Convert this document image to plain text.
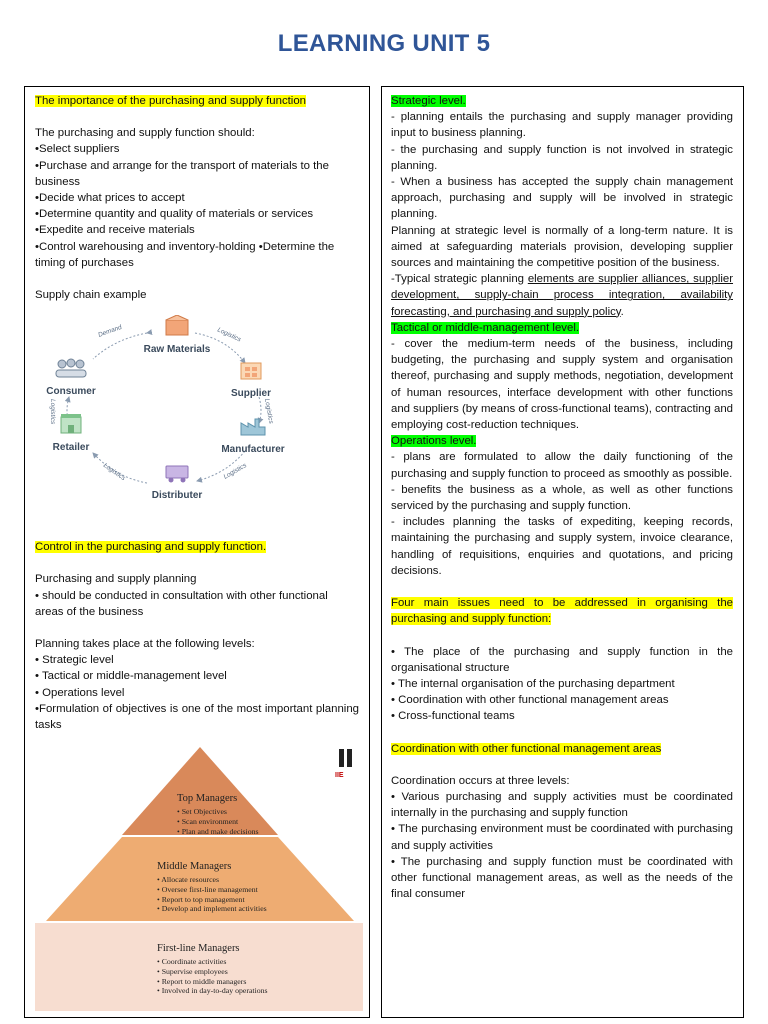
LEARNING UNIT 5

The importance of the purchasing and supply function

The purchasing and supply function should:

•Select suppliers

•Purchase and arrange for the transport of materials to the business

•Decide what prices to accept

•Determine quantity and quality of materials or services

•Expedite and receive materials

•Control warehousing and inventory-holding •Determine the timing of purchases

Supply chain example

Demand	Logistics
Logistics
Logistics
Logistics
Logistics
Raw Materials
Supplier
Manufacturer
Distributer
Retailer
Consumer

Control in the purchasing and supply function.

Purchasing and supply planning

• should be conducted in consultation with other functional areas of the business

Planning takes place at the following levels:

• Strategic level

• Tactical or middle-management level

• Operations level

•Formulation of objectives is one of the most important planning tasks

IIE
Top Managers
• Set Objectives
• Scan environment
• Plan and make decisions
Middle Managers
• Allocate resources
• Oversee first-line management
• Report to top management
• Develop and implement activities
First-line Managers
• Coordinate activities
• Supervise employees
• Report to middle managers
• Involved in day-to-day operations

Strategic level.

- planning entails the purchasing and supply manager providing input to business planning.

- the purchasing and supply function is not involved in strategic planning.

- When a business has accepted the supply chain management approach, purchasing and supply will be involved in strategic planning.

Planning at strategic level is normally of a long-term nature. It is aimed at safeguarding materials provision, developing supplier sources and maintaining the competitive position of the business.

-Typical strategic planning elements are supplier alliances, supplier development, supply-chain process integration, availability forecasting, and purchasing and supply policy.

Tactical or middle-management level.

- cover the medium-term needs of the business, including budgeting, the purchasing and supply system and organisation thereof, purchasing and supply methods, negotiation, development of human resources, interface development with other functions and suppliers (by means of cross-functional teams), contracting and employing cost-reduction techniques.

Operations level.

- plans are formulated to allow the daily functioning of the purchasing and supply function to proceed as smoothly as possible.

- benefits the business as a whole, as well as other functions serviced by the purchasing and supply function.

- includes planning the tasks of expediting, keeping records, maintaining the purchasing and supply system, invoice clearance, handling of requisitions, enquiries and quotations, and pricing decisions.

Four main issues need to be addressed in organising the purchasing and supply function:

• The place of the purchasing and supply function in the organisational structure

• The internal organisation of the purchasing department

• Coordination with other functional management areas

• Cross-functional teams

Coordination with other functional management areas

Coordination occurs at three levels:

• Various purchasing and supply activities must be coordinated internally in the purchasing and supply function

• The purchasing environment must be coordinated with purchasing and supply activities

• The purchasing and supply function must be coordinated with other functional management areas, as well as the needs of the final consumer
